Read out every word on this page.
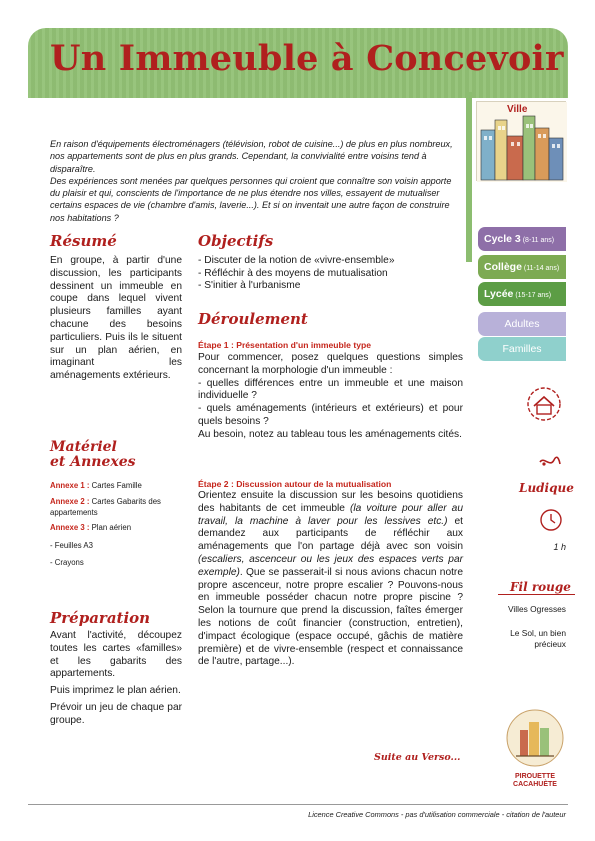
Un Immeuble à Concevoir

En raison d'équipements électroménagers (télévision, robot de cuisine...) de plus en plus nombreux, nos appartements sont de plus en plus grands. Cependant, la convivialité entre voisins tend à disparaître.

Des expériences sont menées par quelques personnes qui croient que connaître son voisin apporte du plaisir et qui, conscients de l'importance de ne plus étendre nos villes, essayent de mutualiser certains espaces de vie (chambre d'amis, laverie...). Et si on inventait une autre façon de construire nos habitations ?

Résumé
En groupe, à partir d'une discussion, les participants dessinent un immeuble en coupe dans lequel vivent plusieurs familles ayant chacune des besoins particuliers. Puis ils le situent sur un plan aérien, en imaginant les aménagements extérieurs.
Matériel
et Annexes
Annexe 1 : Cartes Famille
Annexe 2 : Cartes Gabarits des appartements
Annexe 3 : Plan aérien
- Feuilles A3
- Crayons
Préparation

Avant l'activité, découpez toutes les cartes «familles» et les gabarits des appartements.

Puis imprimez le plan aérien.

Prévoir un jeu de chaque par groupe.

Objectifs
- Discuter de la notion de «vivre-ensemble»
- Réfléchir à des moyens de mutualisation
- S'initier à l'urbanisme
Déroulement
Étape 1 : Présentation d'un immeuble type

Pour commencer, posez quelques questions simples concernant la morphologie d'un immeuble :

- quelles différences entre un immeuble et une maison individuelle ?

- quels aménagements (intérieurs et extérieurs) et pour quels besoins ?

Au besoin, notez au tableau tous les aménagements cités.

Étape 2 : Discussion autour de la mutualisation
Orientez ensuite la discussion sur les besoins quotidiens des habitants de cet immeuble (la voiture pour aller au travail, la machine à laver pour les lessives etc.) et demandez aux participants de réfléchir aux aménagements que l'on partage déjà avec son voisin (escaliers, ascenceur ou les jeux des espaces verts par exemple). Que se passerait-il si nous avions chacun notre propre ascenceur, notre propre escalier ? Pouvons-nous en immeuble posséder chacun notre propre piscine ? Selon la tournure que prend la discussion, faîtes émerger les notions de coût financier (construction, entretien), d'impact écologique (espace occupé, gâchis de matière première) et de vivre-ensemble (respect et connaissance de l'autre, partage...).
Suite au Verso...
Ville
Cycle 3 (8-11 ans)
Collège (11-14 ans)
Lycée (15-17 ans)
Adultes
Familles
Ludique
1 h
Fil rouge
Villes Ogresses
Le Sol, un bien précieux
PIROUETTE
CACAHUÈTE
Licence Creative Commons - pas d'utilisation commerciale - citation de l'auteur
